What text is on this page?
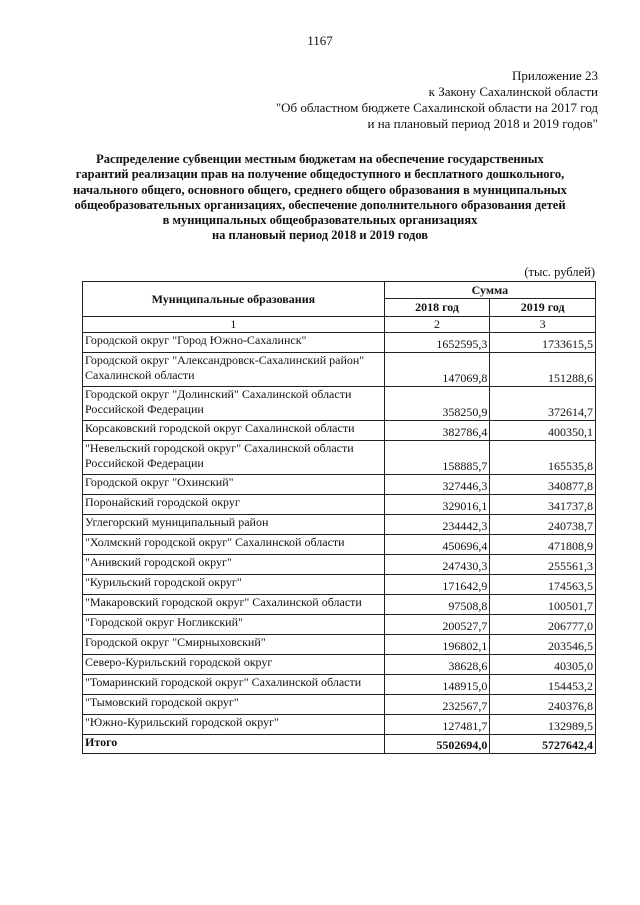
1167
Приложение 23
к Закону Сахалинской области
"Об областном бюджете Сахалинской области на 2017 год
и на плановый период 2018 и 2019 годов"
Распределение субвенции местным бюджетам на обеспечение государственных
гарантий реализации прав на получение общедоступного и бесплатного дошкольного,
начального общего, основного общего, среднего общего образования в муниципальных
общеобразовательных организациях, обеспечение дополнительного образования детей
в муниципальных общеобразовательных организациях
на плановый период 2018 и 2019 годов
(тыс. рублей)
Муниципальные образования	Сумма	
	2018 год	2019 год
1	2	3
Городской округ "Город Южно-Сахалинск"	1652595,3	1733615,5
Городской округ "Александровск-Сахалинский район" Сахалинской области	147069,8	151288,6
Городской округ "Долинский" Сахалинской области Российской Федерации	358250,9	372614,7
Корсаковский городской округ Сахалинской области	382786,4	400350,1
"Невельский городской округ" Сахалинской области Российской Федерации	158885,7	165535,8
Городской округ "Охинский"	327446,3	340877,8
Поронайский городской округ	329016,1	341737,8
Углегорский муниципальный район	234442,3	240738,7
"Холмский городской округ" Сахалинской области	450696,4	471808,9
"Анивский городской округ"	247430,3	255561,3
"Курильский городской округ"	171642,9	174563,5
"Макаровский городской округ" Сахалинской области	97508,8	100501,7
"Городской округ Ногликский"	200527,7	206777,0
Городской округ "Смирныховский"	196802,1	203546,5
Северо-Курильский городской округ	38628,6	40305,0
"Томаринский городской округ" Сахалинской области	148915,0	154453,2
"Тымовский городской округ"	232567,7	240376,8
"Южно-Курильский городской округ"	127481,7	132989,5
Итого	5502694,0	5727642,4
